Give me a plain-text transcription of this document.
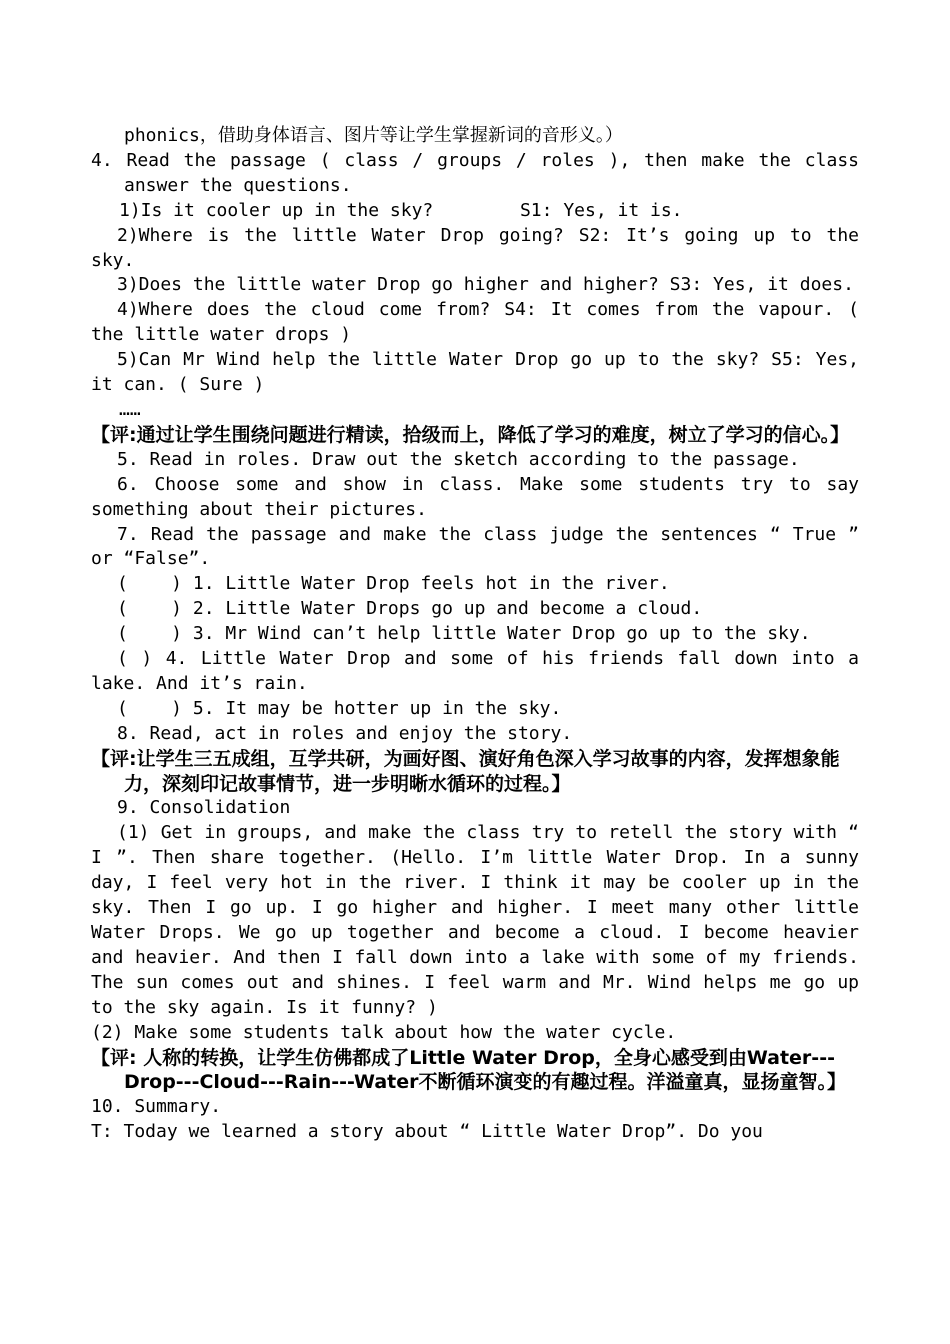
phonics，借助身体语言、图片等让学生掌握新词的音形义。）

4. Read the passage ( class / groups / roles ), then make the class answer the questions.

1)Is it cooler up in the sky?        S1: Yes, it is.

2)Where is the little Water Drop going? S2: It’s going up to the sky.

3)Does the little water Drop go higher and higher? S3: Yes, it does.

4)Where does the cloud come from? S4: It comes from the vapour. ( the little water drops )

5)Can Mr Wind help the little Water Drop go up to the sky? S5: Yes, it can. ( Sure )

……

【评:通过让学生围绕问题进行精读，拾级而上，降低了学习的难度，树立了学习的信心。】

5. Read in roles. Draw out the sketch according to the passage.

6. Choose some and show in class. Make some students try to say something about their pictures.

7. Read the passage and make the class judge the sentences “ True ” or “False”.

(    ) 1. Little Water Drop feels hot in the river.

(    ) 2. Little Water Drops go up and become a cloud.

(    ) 3. Mr Wind can’t help little Water Drop go up to the sky.

( ) 4. Little Water Drop and some of his friends fall down into a lake. And it’s rain.

(    ) 5. It may be hotter up in the sky.

8. Read, act in roles and enjoy the story.

【评:让学生三五成组，互学共研，为画好图、演好角色深入学习故事的内容，发挥想象能力，深刻印记故事情节，进一步明晰水循环的过程。】

9. Consolidation

(1) Get in groups, and make the class try to retell the story with “ I ”. Then share together. (Hello. I’m little Water Drop. In a sunny day, I feel very hot in the river. I think it may be cooler up in the sky. Then I go up. I go higher and higher. I meet many other little Water Drops. We go up together and become a cloud. I become heavier and heavier. And then I fall down into a lake with some of my friends. The sun comes out and shines. I feel warm and Mr. Wind helps me go up to the sky again. Is it funny? )

(2) Make some students talk about how the water cycle.

【评: 人称的转换，让学生仿佛都成了Little Water Drop，全身心感受到由Water---Drop---Cloud---Rain---Water不断循环演变的有趣过程。洋溢童真，显扬童智。】

10. Summary.

T: Today we learned a story about “ Little Water Drop”. Do you
